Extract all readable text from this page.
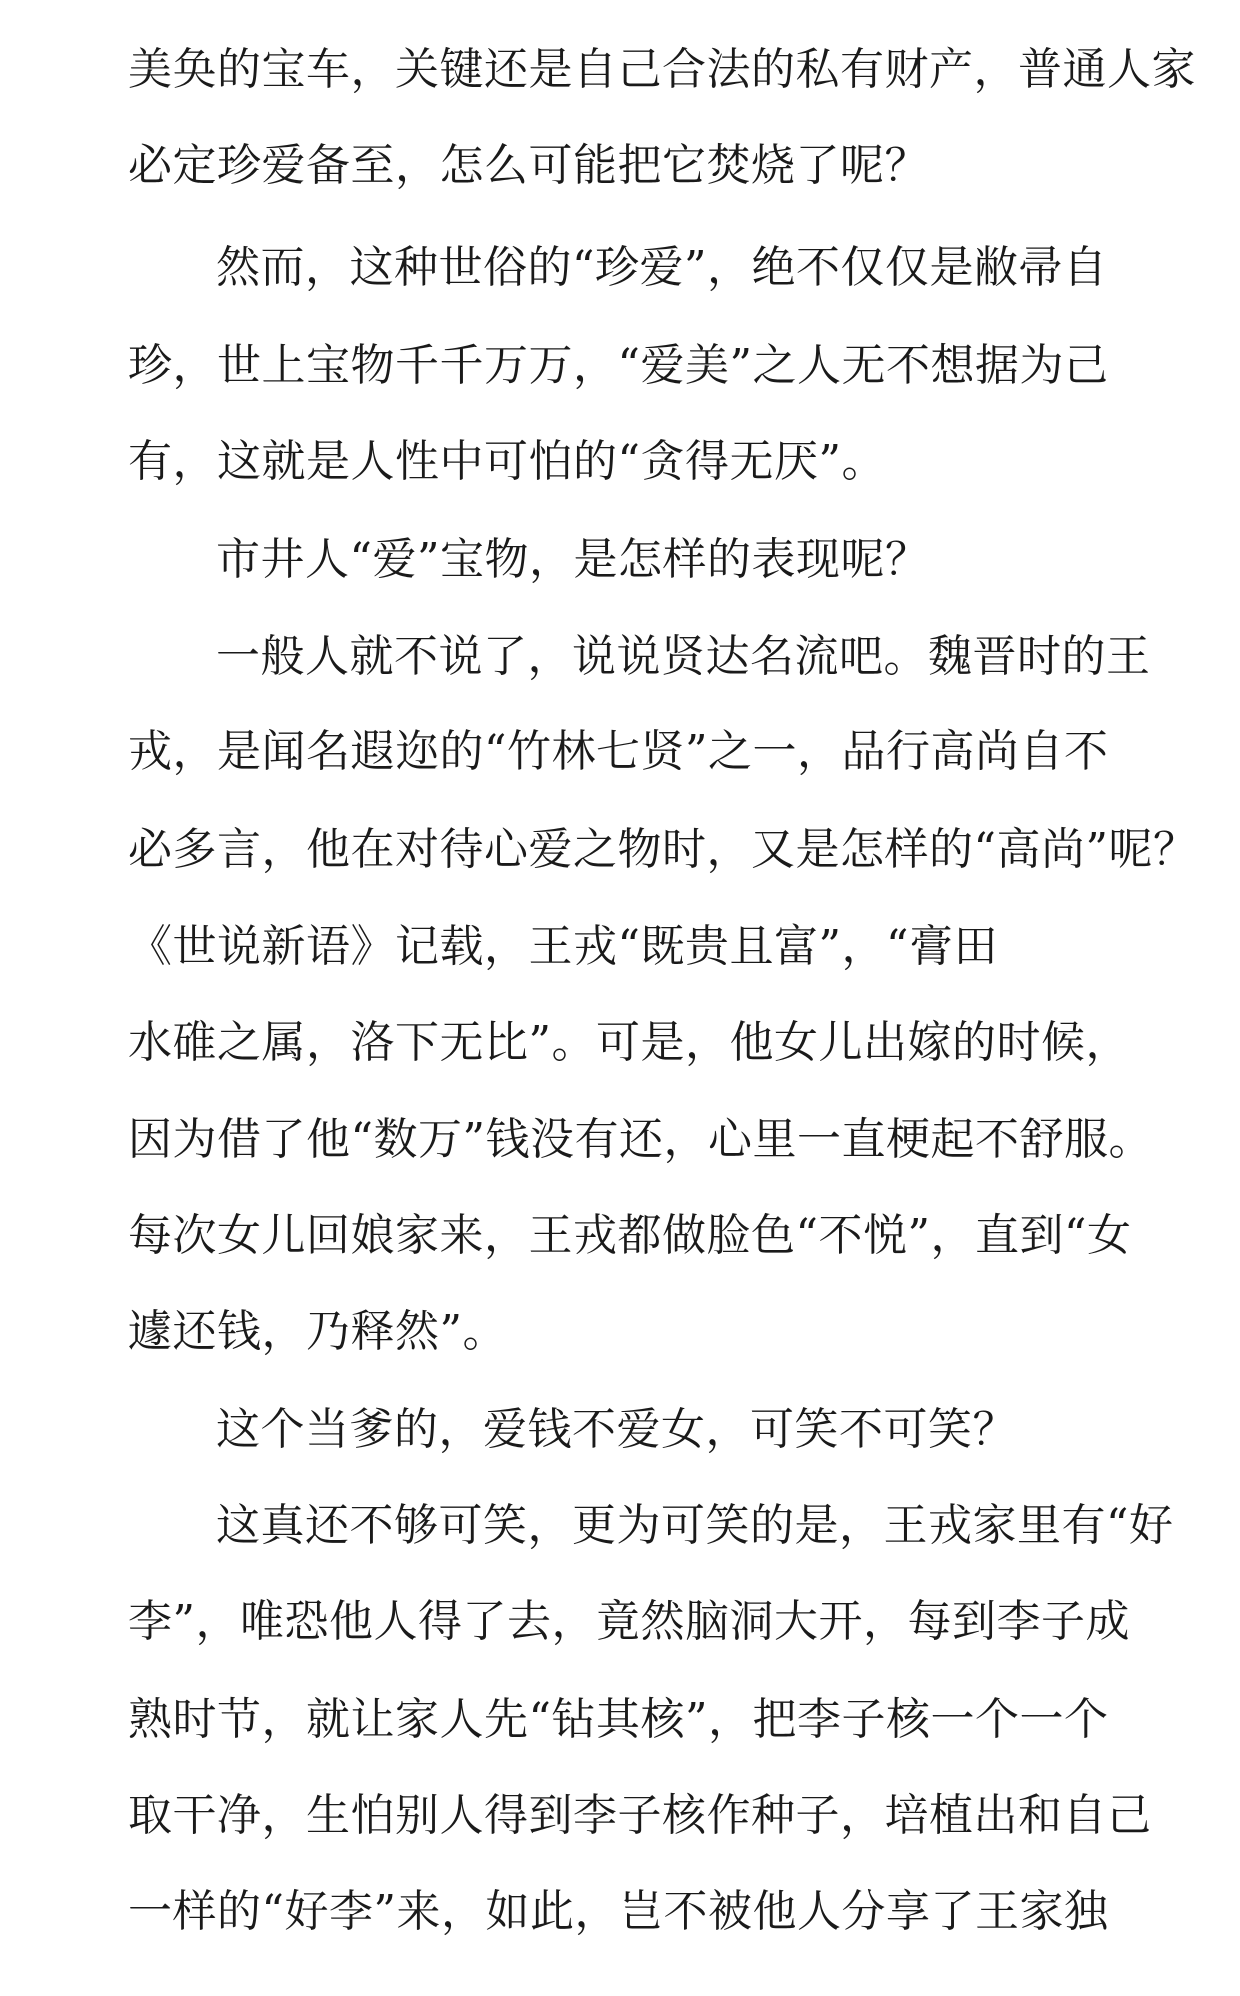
美奂的宝车，关键还是自己合法的私有财产，普通人家
必定珍爱备至，怎么可能把它焚烧了呢？
然而，这种世俗的“珍爱”，绝不仅仅是敝帚自
珍，世上宝物千千万万，“爱美”之人无不想据为己
有，这就是人性中可怕的“贪得无厌”。
市井人“爱”宝物，是怎样的表现呢？
一般人就不说了，说说贤达名流吧。魏晋时的王
戎，是闻名遐迩的“竹林七贤”之一，品行高尚自不
必多言，他在对待心爱之物时，又是怎样的“高尚”呢？
《世说新语》记载，王戎“既贵且富”，“膏田
水碓之属，洛下无比”。可是，他女儿出嫁的时候，
因为借了他“数万”钱没有还，心里一直梗起不舒服。
每次女儿回娘家来，王戎都做脸色“不悦”，直到“女
遽还钱，乃释然”。
这个当爹的，爱钱不爱女，可笑不可笑？
这真还不够可笑，更为可笑的是，王戎家里有“好
李”，唯恐他人得了去，竟然脑洞大开，每到李子成
熟时节，就让家人先“钻其核”，把李子核一个一个
取干净，生怕别人得到李子核作种子，培植出和自己
一样的“好李”来，如此，岂不被他人分享了王家独
